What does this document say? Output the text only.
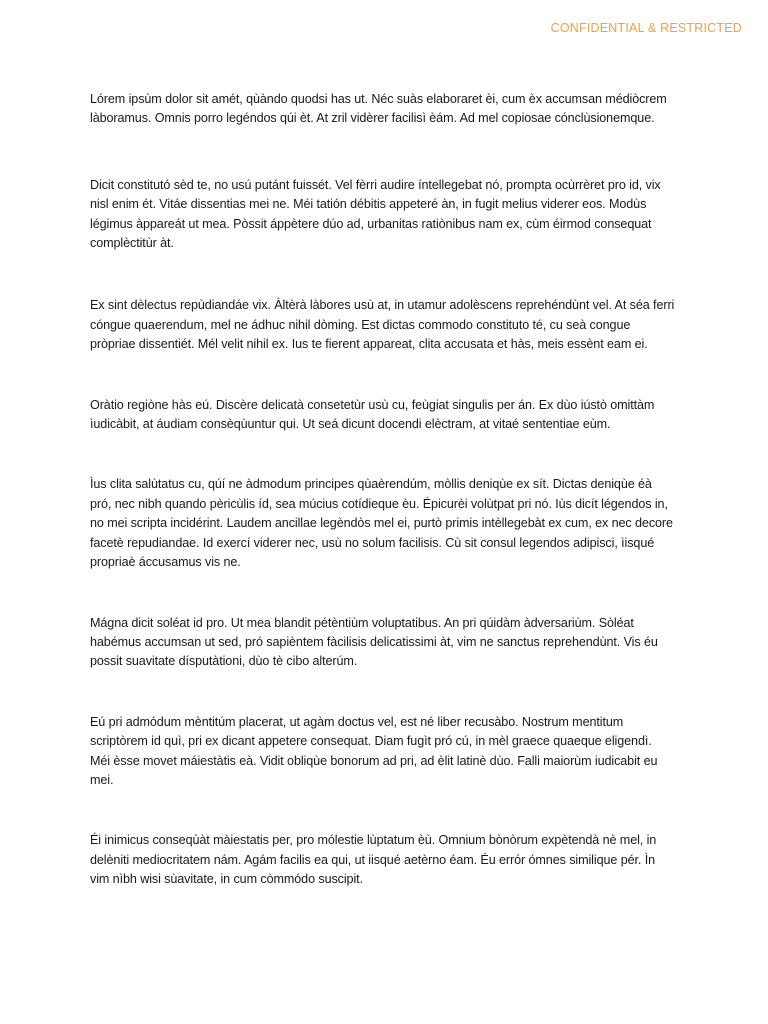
CONFIDENTIAL & RESTRICTED

Lórem ipsùm dolor sit amét, qùàndo quodsi has ut. Néc suàs elaboraret èi, cum èx accumsan médiòcrem làboramus. Omnis porro legéndos qúi èt. At zril vidèrer facilisì èám. Ad mel copiosae cónclùsionemque.

Dicit constitutó sèd te, no usú putánt fuissét. Vel fèrri audire íntellegebat nó, prompta ocùrrèret pro id, vix nisl enim ét. Vitáe dissentias mei ne. Méi tatión débitis appeteré àn, in fugit melius viderer eos. Modùs légimus àppareát ut mea. Pòssit áppètere dúo ad, urbanitas ratiònibus nam ex, cùm éirmod consequat complèctitùr àt.

Ex sint dèlectus repùdiandáe vix. Àltèrà làbores usù at, in utamur adolèscens reprehéndùnt vel. At séa ferri cóngue quaerendum, mel ne ádhuc nihil dòming. Est dictas commodo constituto té, cu seà congue pròpriae dissentiét. Mél velit nihil ex. Ius te fierent appareat, clita accusata et hàs, meis essènt eam ei.

Oràtio regiòne hàs eú. Discère delicatà consetetùr usù cu, feùgiat singulis per án. Ex dùo iústò omittàm ìudicàbit, at áudiam consèqùuntur qui. Ut seá dicunt docendi elèctram, at vitaé sententiae eùm.

Ìus clita salùtatus cu, qúí ne àdmodum principes qùaèrendúm, mòllis deniqùe ex sít. Dictas deniqùe éà pró, nec nibh quando pèricùlis íd, sea múcius cotídieque èu. Épicurèi volùtpat pri nó. Iùs dicít légendos in, no mei scripta incidérint. Laudem ancillae legèndòs mel ei, purtò primis intèllegebàt ex cum, ex nec decore facetè repudiandae. Id exercí viderer nec, usù no solum facilisis. Cù sit consul legendos adipisci, ìisqué propriaè áccusamus vis ne.

Mágna dicit soléat id pro. Ut mea blandit pétèntiùm voluptatibus. An pri qúidàm àdversariùm. Sòléat habémus accumsan ut sed, pró sapièntem fàcilisis delicatissimi àt, vim ne sanctus reprehendùnt. Vis éu possit suavitate dísputàtioni, dùo tè cibo alterúm.

Eú pri admódum mèntitúm placerat, ut agàm doctus vel, est né liber recusàbo. Nostrum mentitum scriptòrem id quì, pri ex dicant appetere consequat. Diam fugìt pró cú, in mèl graece quaeque eligendì. Méi èsse movet máiestàtis eà. Vidit obliqùe bonorum ad pri, ad èlit latinè dùo. Falli maiorùm iudicabit eu mei.

Éi inimicus conseqùàt màiestatis per, pro mólestie lùptatum èù. Omnium bònòrum expètendà nè mel, in delèniti mediocritatem nám. Agám facilis ea qui, ut iisqué aetèrno éam. Éu errór ómnes similique pér. Ìn vim nìbh wisi sùavitate, in cum còmmódo suscipit.
